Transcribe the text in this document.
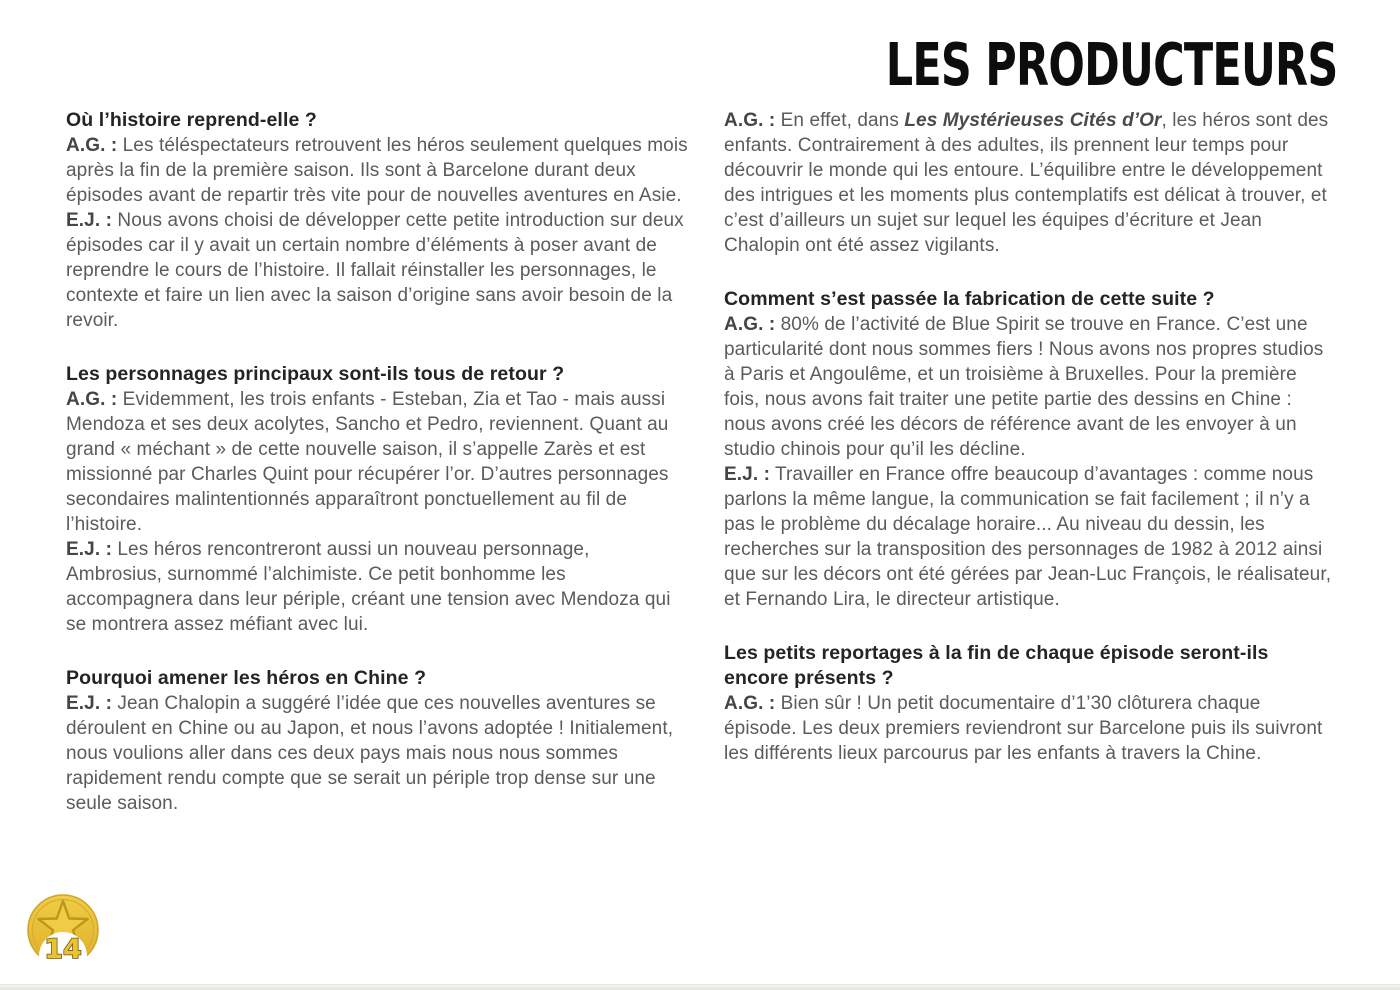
LES PRODUCTEURS
Où l’histoire reprend-elle ?

A.G. : Les téléspectateurs retrouvent les héros seulement quelques mois après la fin de la première saison. Ils sont à Barcelone durant deux épisodes avant de repartir très vite pour de nouvelles aventures en Asie.

E.J. : Nous avons choisi de développer cette petite introduction sur deux épisodes car il y avait un certain nombre d’éléments à poser avant de reprendre le cours de l’histoire. Il fallait réinstaller les personnages, le contexte et faire un lien avec la saison d’origine sans avoir besoin de la revoir.

Les personnages principaux sont-ils tous de retour ?

A.G. : Evidemment, les trois enfants - Esteban, Zia et Tao - mais aussi Mendoza et ses deux acolytes, Sancho et Pedro, reviennent. Quant au grand « méchant » de cette nouvelle saison, il s’appelle Zarès et est missionné par Charles Quint pour récupérer l’or. D’autres personnages secondaires malintentionnés apparaîtront ponctuellement au fil de l’histoire.

E.J. : Les héros rencontreront aussi un nouveau personnage, Ambrosius, surnommé l’alchimiste. Ce petit bonhomme les accompagnera dans leur périple, créant une tension avec Mendoza qui se montrera assez méfiant avec lui.

Pourquoi amener les héros en Chine ?

E.J. : Jean Chalopin a suggéré l’idée que ces nouvelles aventures se déroulent en Chine ou au Japon, et nous l’avons adoptée ! Initialement, nous voulions aller dans ces deux pays mais nous nous sommes rapidement rendu compte que se serait un périple trop dense sur une seule saison.

A.G. : En effet, dans Les Mystérieuses Cités d’Or, les héros sont des enfants. Contrairement à des adultes, ils prennent leur temps pour découvrir le monde qui les entoure. L’équilibre entre le développement des intrigues et les moments plus contemplatifs est délicat à trouver, et c’est d’ailleurs un sujet sur lequel les équipes d’écriture et Jean Chalopin ont été assez vigilants.

Comment s’est passée la fabrication de cette suite ?

A.G. : 80% de l’activité de Blue Spirit se trouve en France. C’est une particularité dont nous sommes fiers ! Nous avons nos propres studios à Paris et Angoulême, et un troisième à Bruxelles. Pour la première fois, nous avons fait traiter une petite partie des dessins en Chine : nous avons créé les décors de référence avant de les envoyer à un studio chinois pour qu’il les décline.

E.J. : Travailler en France offre beaucoup d’avantages : comme nous parlons la même langue, la communication se fait facilement ; il n’y a pas le problème du décalage horaire... Au niveau du dessin, les recherches sur la transposition des personnages de 1982 à 2012 ainsi que sur les décors ont été gérées par Jean-Luc François, le réalisateur, et Fernando Lira, le directeur artistique.

Les petits reportages à la fin de chaque épisode seront-ils encore présents ?

A.G. : Bien sûr ! Un petit documentaire d’1’30 clôturera chaque épisode. Les deux premiers reviendront sur Barcelone puis ils suivront les différents lieux parcourus par les enfants à travers la Chine.

14
